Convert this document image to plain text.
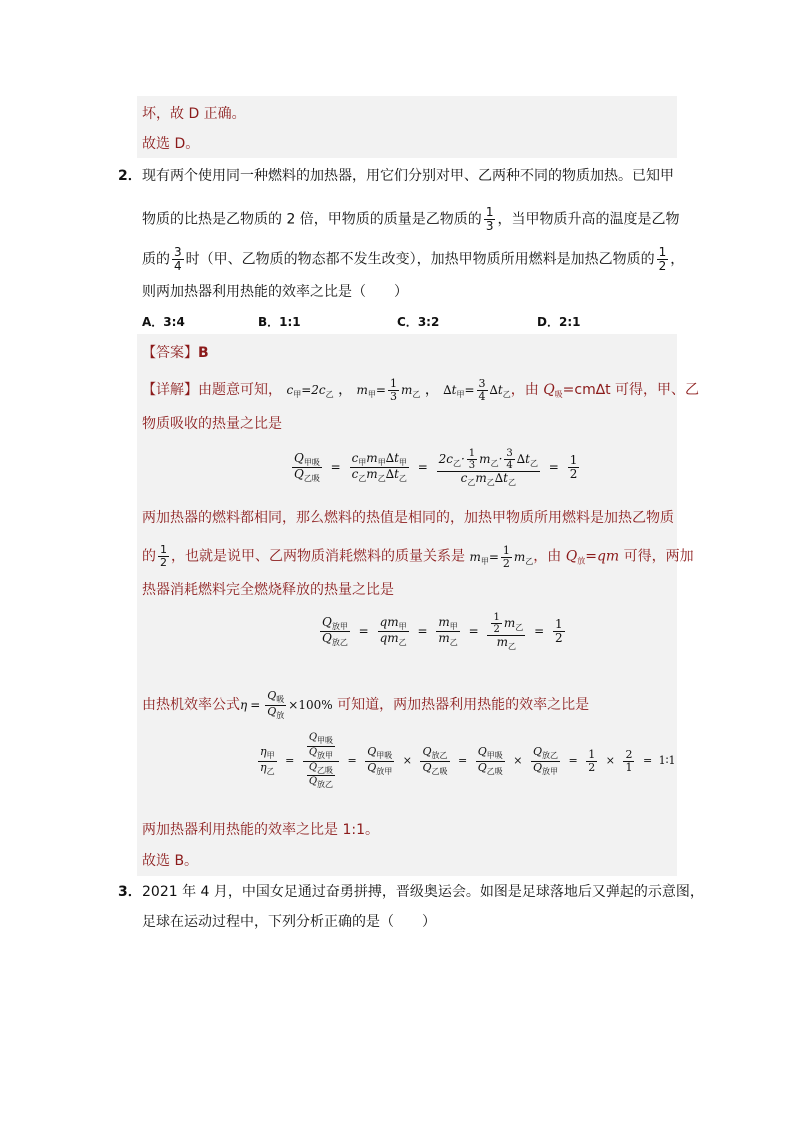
坏，故 D 正确。
故选 D。
2． 现有两个使用同一种燃料的加热器，用它们分别对甲、乙两种不同的物质加热。已知甲
物质的比热是乙物质的 2 倍，甲物质的质量是乙物质的 $\frac{1}{3}$ ，当甲物质升高的温度是乙物
质的 $\frac{3}{4}$ 时（甲、乙物质的物态都不发生改变），加热甲物质所用燃料是加热乙物质的 $\frac{1}{2}$ ，
则两加热器利用热能的效率之比是（　　）
A．3:4	B．1:1	C．3:2	D．2:1
【答案】B
【详解】由题意可知， $c_甲=2c_乙$ ， $m_甲= \frac{1}{3} m_乙$ ， $\Delta t_甲= \frac{3}{4} \Delta t_乙$，由 $Q_吸=cm\Delta t$ 可得，甲、乙
物质吸收的热量之比是
$\frac{Q_{甲吸}}{Q_{乙吸}} = \frac{c_甲m_甲\Delta t_甲}{c_乙m_乙\Delta t_乙} = \frac{2c_乙\cdot \frac{1}{3} m_乙\cdot \frac{3}{4} \Delta t_乙}{c_乙m_乙\Delta t_乙} = \frac{1}{2}$
两加热器的燃料都相同，那么燃料的热值是相同的，加热甲物质所用燃料是加热乙物质
的 $\frac{1}{2}$ ，也就是说甲、乙两物质消耗燃料的质量关系是 $m_甲= \frac{1}{2} m_乙$，由 $Q_放=qm$ 可得，两加
热器消耗燃料完全燃烧释放的热量之比是
$\frac{Q_{放甲}}{Q_{放乙}} = \frac{qm_甲}{qm_乙} = \frac{m_甲}{m_乙} = \frac{\frac{1}{2} m_乙}{m_乙} = \frac{1}{2}$
由热机效率公式$\eta = \frac{Q_吸}{Q_放} \times 100\%$ 可知道，两加热器利用热能的效率之比是
$\frac{\eta_甲}{\eta_乙} = \frac{\frac{Q_{甲吸}}{Q_{放甲}}}{\frac{Q_{乙吸}}{Q_{放乙}}} = \frac{Q_{甲吸}}{Q_{放甲}} \times \frac{Q_{放乙}}{Q_{乙吸}} = \frac{Q_{甲吸}}{Q_{乙吸}} \times \frac{Q_{放乙}}{Q_{放甲}} = \frac{1}{2} \times \frac{2}{1}$ = 1∶1
两加热器利用热能的效率之比是 1:1。
故选 B。
3． 2021 年 4 月，中国女足通过奋勇拼搏，晋级奥运会。如图是足球落地后又弹起的示意图，
足球在运动过程中，下列分析正确的是（　　）
